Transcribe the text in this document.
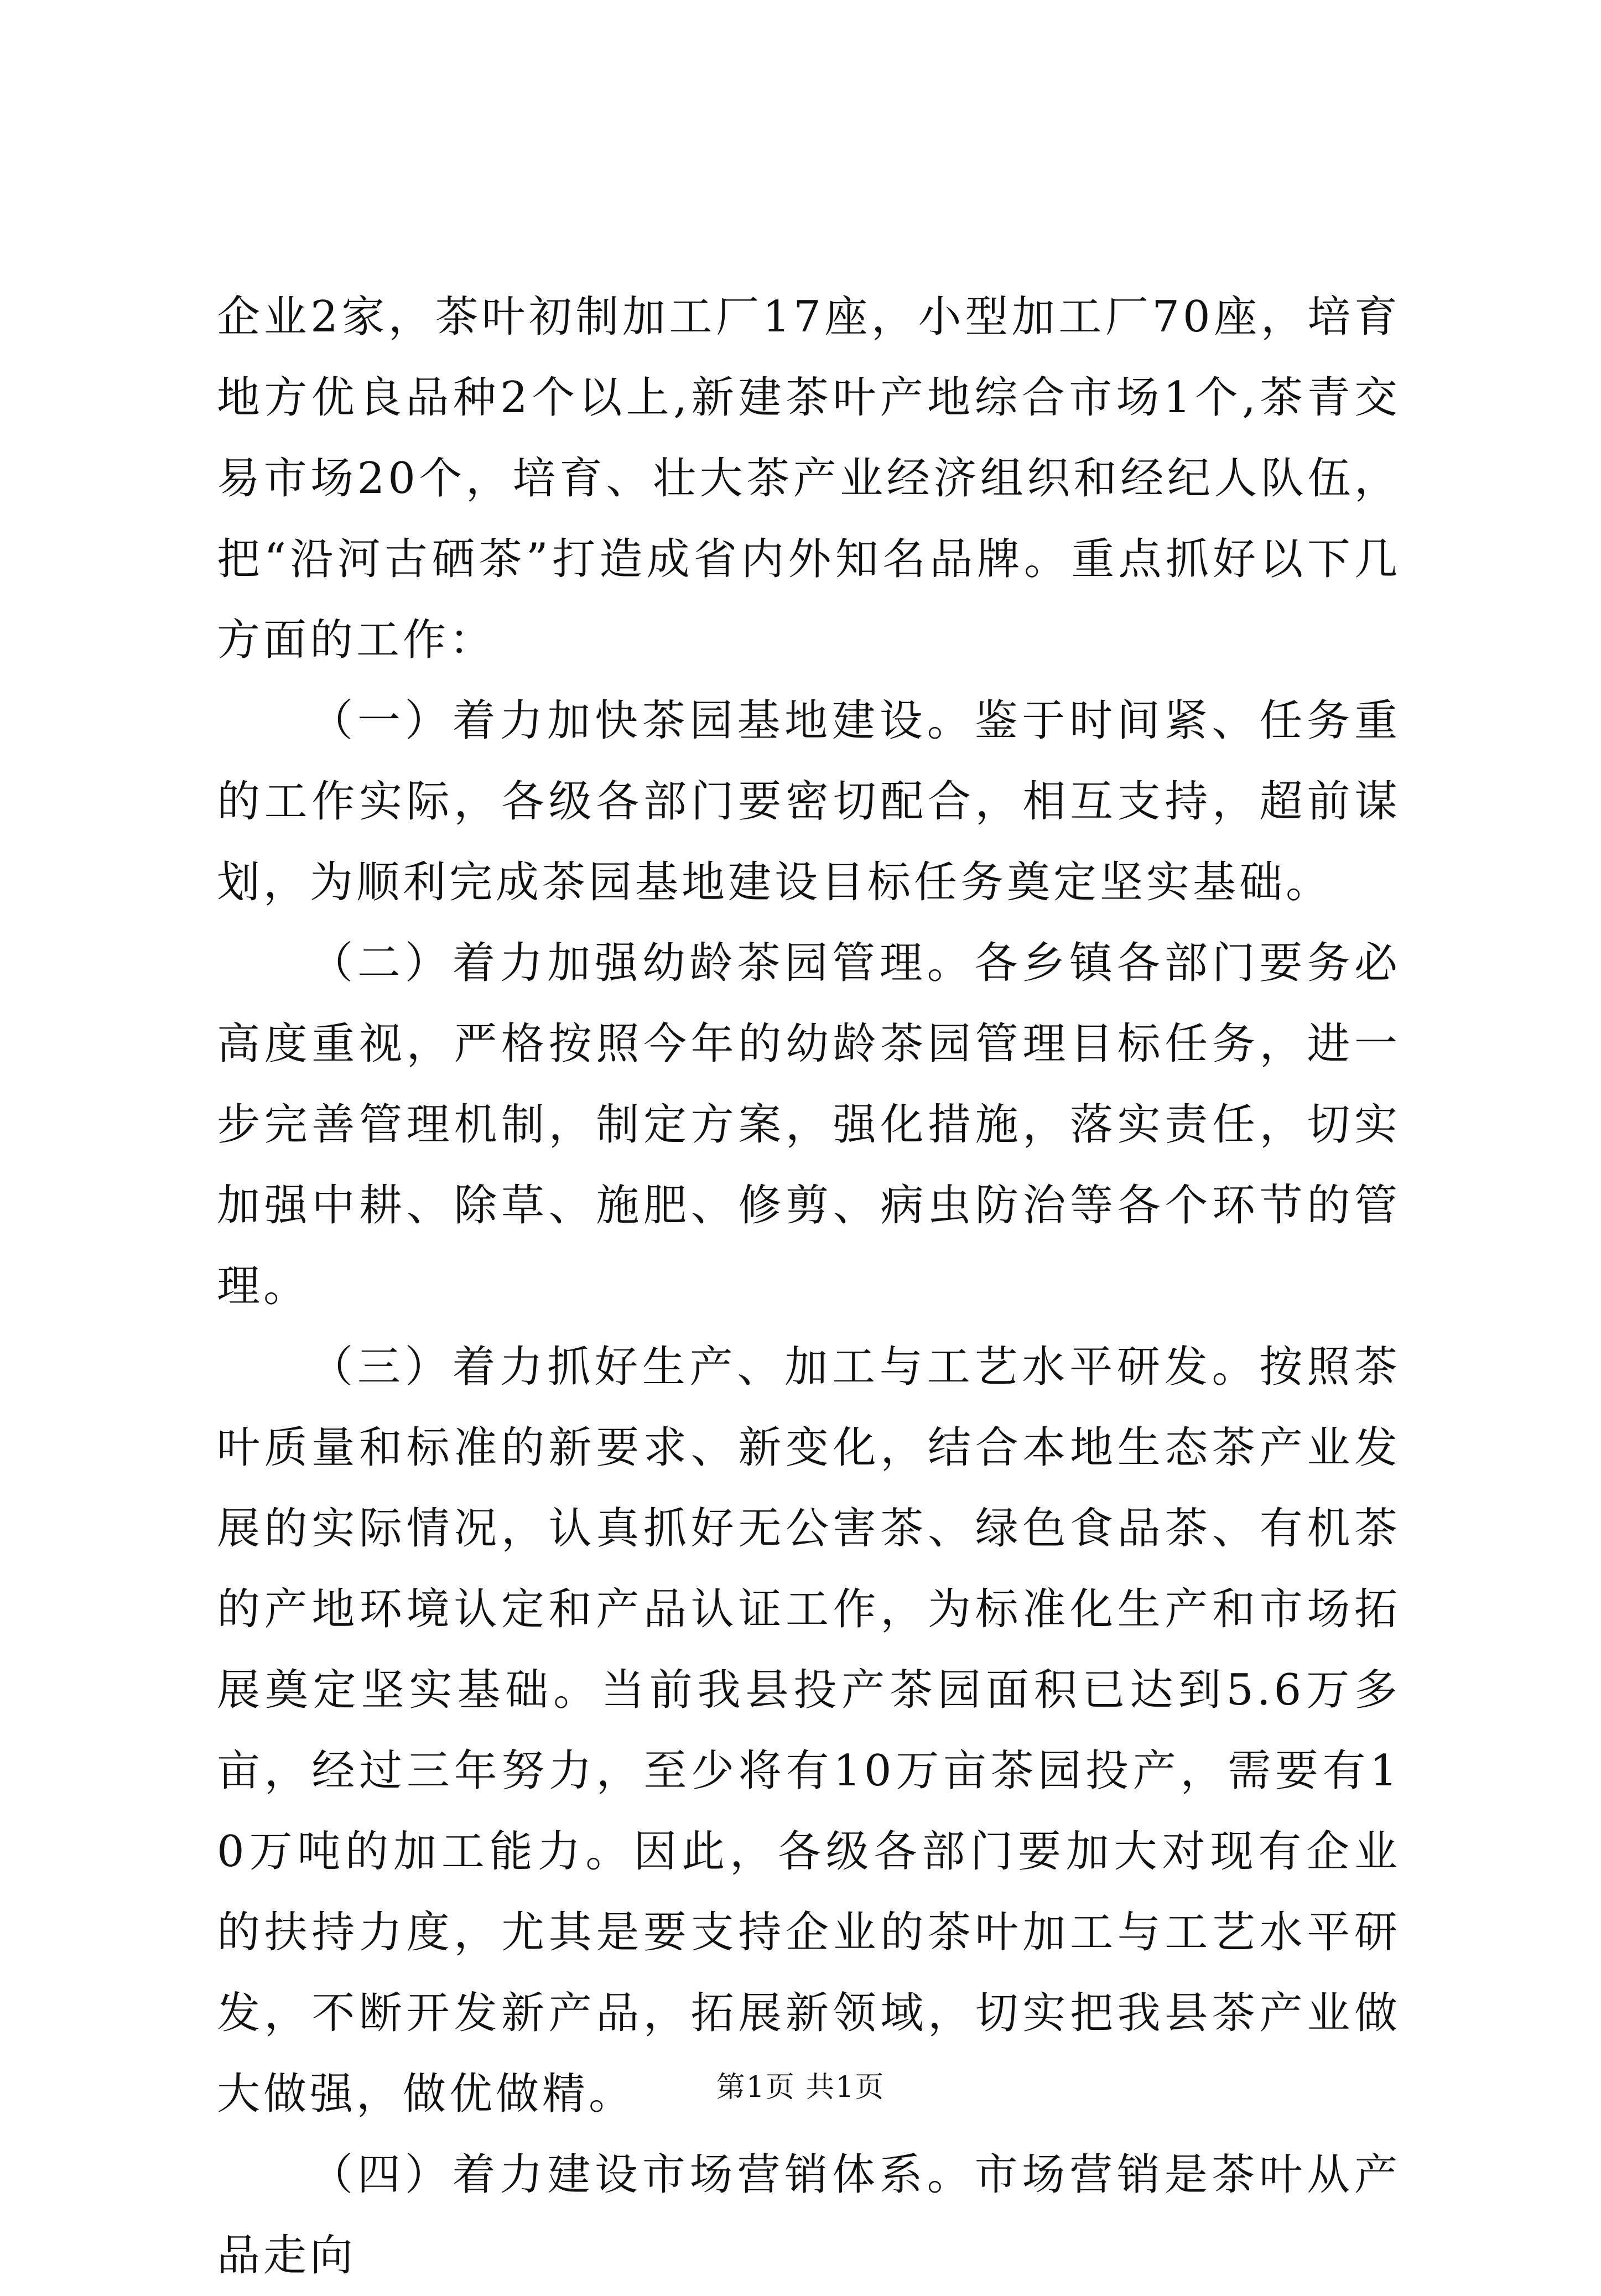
企业2家，茶叶初制加工厂17座，小型加工厂70座，培育地方优良品种2个以上,新建茶叶产地综合市场1个,茶青交易市场20个，培育、壮大茶产业经济组织和经纪人队伍，把“沿河古硒茶”打造成省内外知名品牌。重点抓好以下几方面的工作：

（一）着力加快茶园基地建设。鉴于时间紧、任务重的工作实际，各级各部门要密切配合，相互支持，超前谋划，为顺利完成茶园基地建设目标任务奠定坚实基础。

（二）着力加强幼龄茶园管理。各乡镇各部门要务必高度重视，严格按照今年的幼龄茶园管理目标任务，进一步完善管理机制，制定方案，强化措施，落实责任，切实加强中耕、除草、施肥、修剪、病虫防治等各个环节的管理。

（三）着力抓好生产、加工与工艺水平研发。按照茶叶质量和标准的新要求、新变化，结合本地生态茶产业发展的实际情况，认真抓好无公害茶、绿色食品茶、有机茶的产地环境认定和产品认证工作，为标准化生产和市场拓展奠定坚实基础。当前我县投产茶园面积已达到5.6万多亩，经过三年努力，至少将有10万亩茶园投产，需要有10万吨的加工能力。因此，各级各部门要加大对现有企业的扶持力度，尤其是要支持企业的茶叶加工与工艺水平研发，不断开发新产品，拓展新领域，切实把我县茶产业做大做强，做优做精。

（四）着力建设市场营销体系。市场营销是茶叶从产品走向

第1页 共1页
